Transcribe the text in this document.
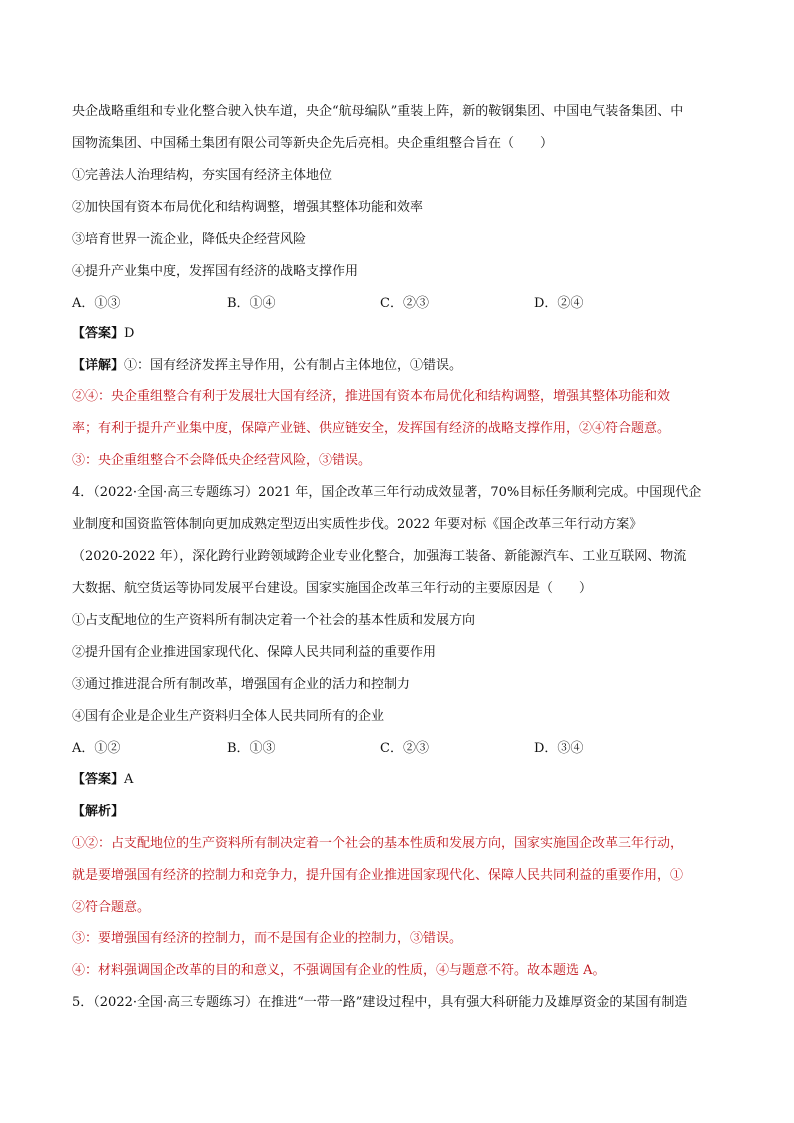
央企战略重组和专业化整合驶入快车道，央企“航母编队”重装上阵，新的鞍钢集团、中国电气装备集团、中
国物流集团、中国稀土集团有限公司等新央企先后亮相。央企重组整合旨在（　　）
①完善法人治理结构，夯实国有经济主体地位
②加快国有资本布局优化和结构调整，增强其整体功能和效率
③培育世界一流企业，降低央企经营风险
④提升产业集中度，发挥国有经济的战略支撑作用
A．①③	B．①④	C．②③	D．②④
【答案】D
【详解】①：国有经济发挥主导作用，公有制占主体地位，①错误。
②④：央企重组整合有利于发展壮大国有经济，推进国有资本布局优化和结构调整，增强其整体功能和效
率；有利于提升产业集中度，保障产业链、供应链安全，发挥国有经济的战略支撑作用，②④符合题意。
③：央企重组整合不会降低央企经营风险，③错误。
4．（2022·全国·高三专题练习）2021 年，国企改革三年行动成效显著，70%目标任务顺利完成。中国现代企
业制度和国资监管体制向更加成熟定型迈出实质性步伐。2022 年要对标《国企改革三年行动方案》
（2020-2022 年），深化跨行业跨领域跨企业专业化整合，加强海工装备、新能源汽车、工业互联网、物流
大数据、航空货运等协同发展平台建设。国家实施国企改革三年行动的主要原因是（　　）
①占支配地位的生产资料所有制决定着一个社会的基本性质和发展方向
②提升国有企业推进国家现代化、保障人民共同利益的重要作用
③通过推进混合所有制改革，增强国有企业的活力和控制力
④国有企业是企业生产资料归全体人民共同所有的企业
A．①②	B．①③	C．②③	D．③④
【答案】A
【解析】
①②：占支配地位的生产资料所有制决定着一个社会的基本性质和发展方向，国家实施国企改革三年行动，
就是要增强国有经济的控制力和竞争力，提升国有企业推进国家现代化、保障人民共同利益的重要作用，①
②符合题意。
③：要增强国有经济的控制力，而不是国有企业的控制力，③错误。
④：材料强调国企改革的目的和意义，不强调国有企业的性质，④与题意不符。故本题选 A。
5．（2022·全国·高三专题练习）在推进“一带一路”建设过程中，具有强大科研能力及雄厚资金的某国有制造
